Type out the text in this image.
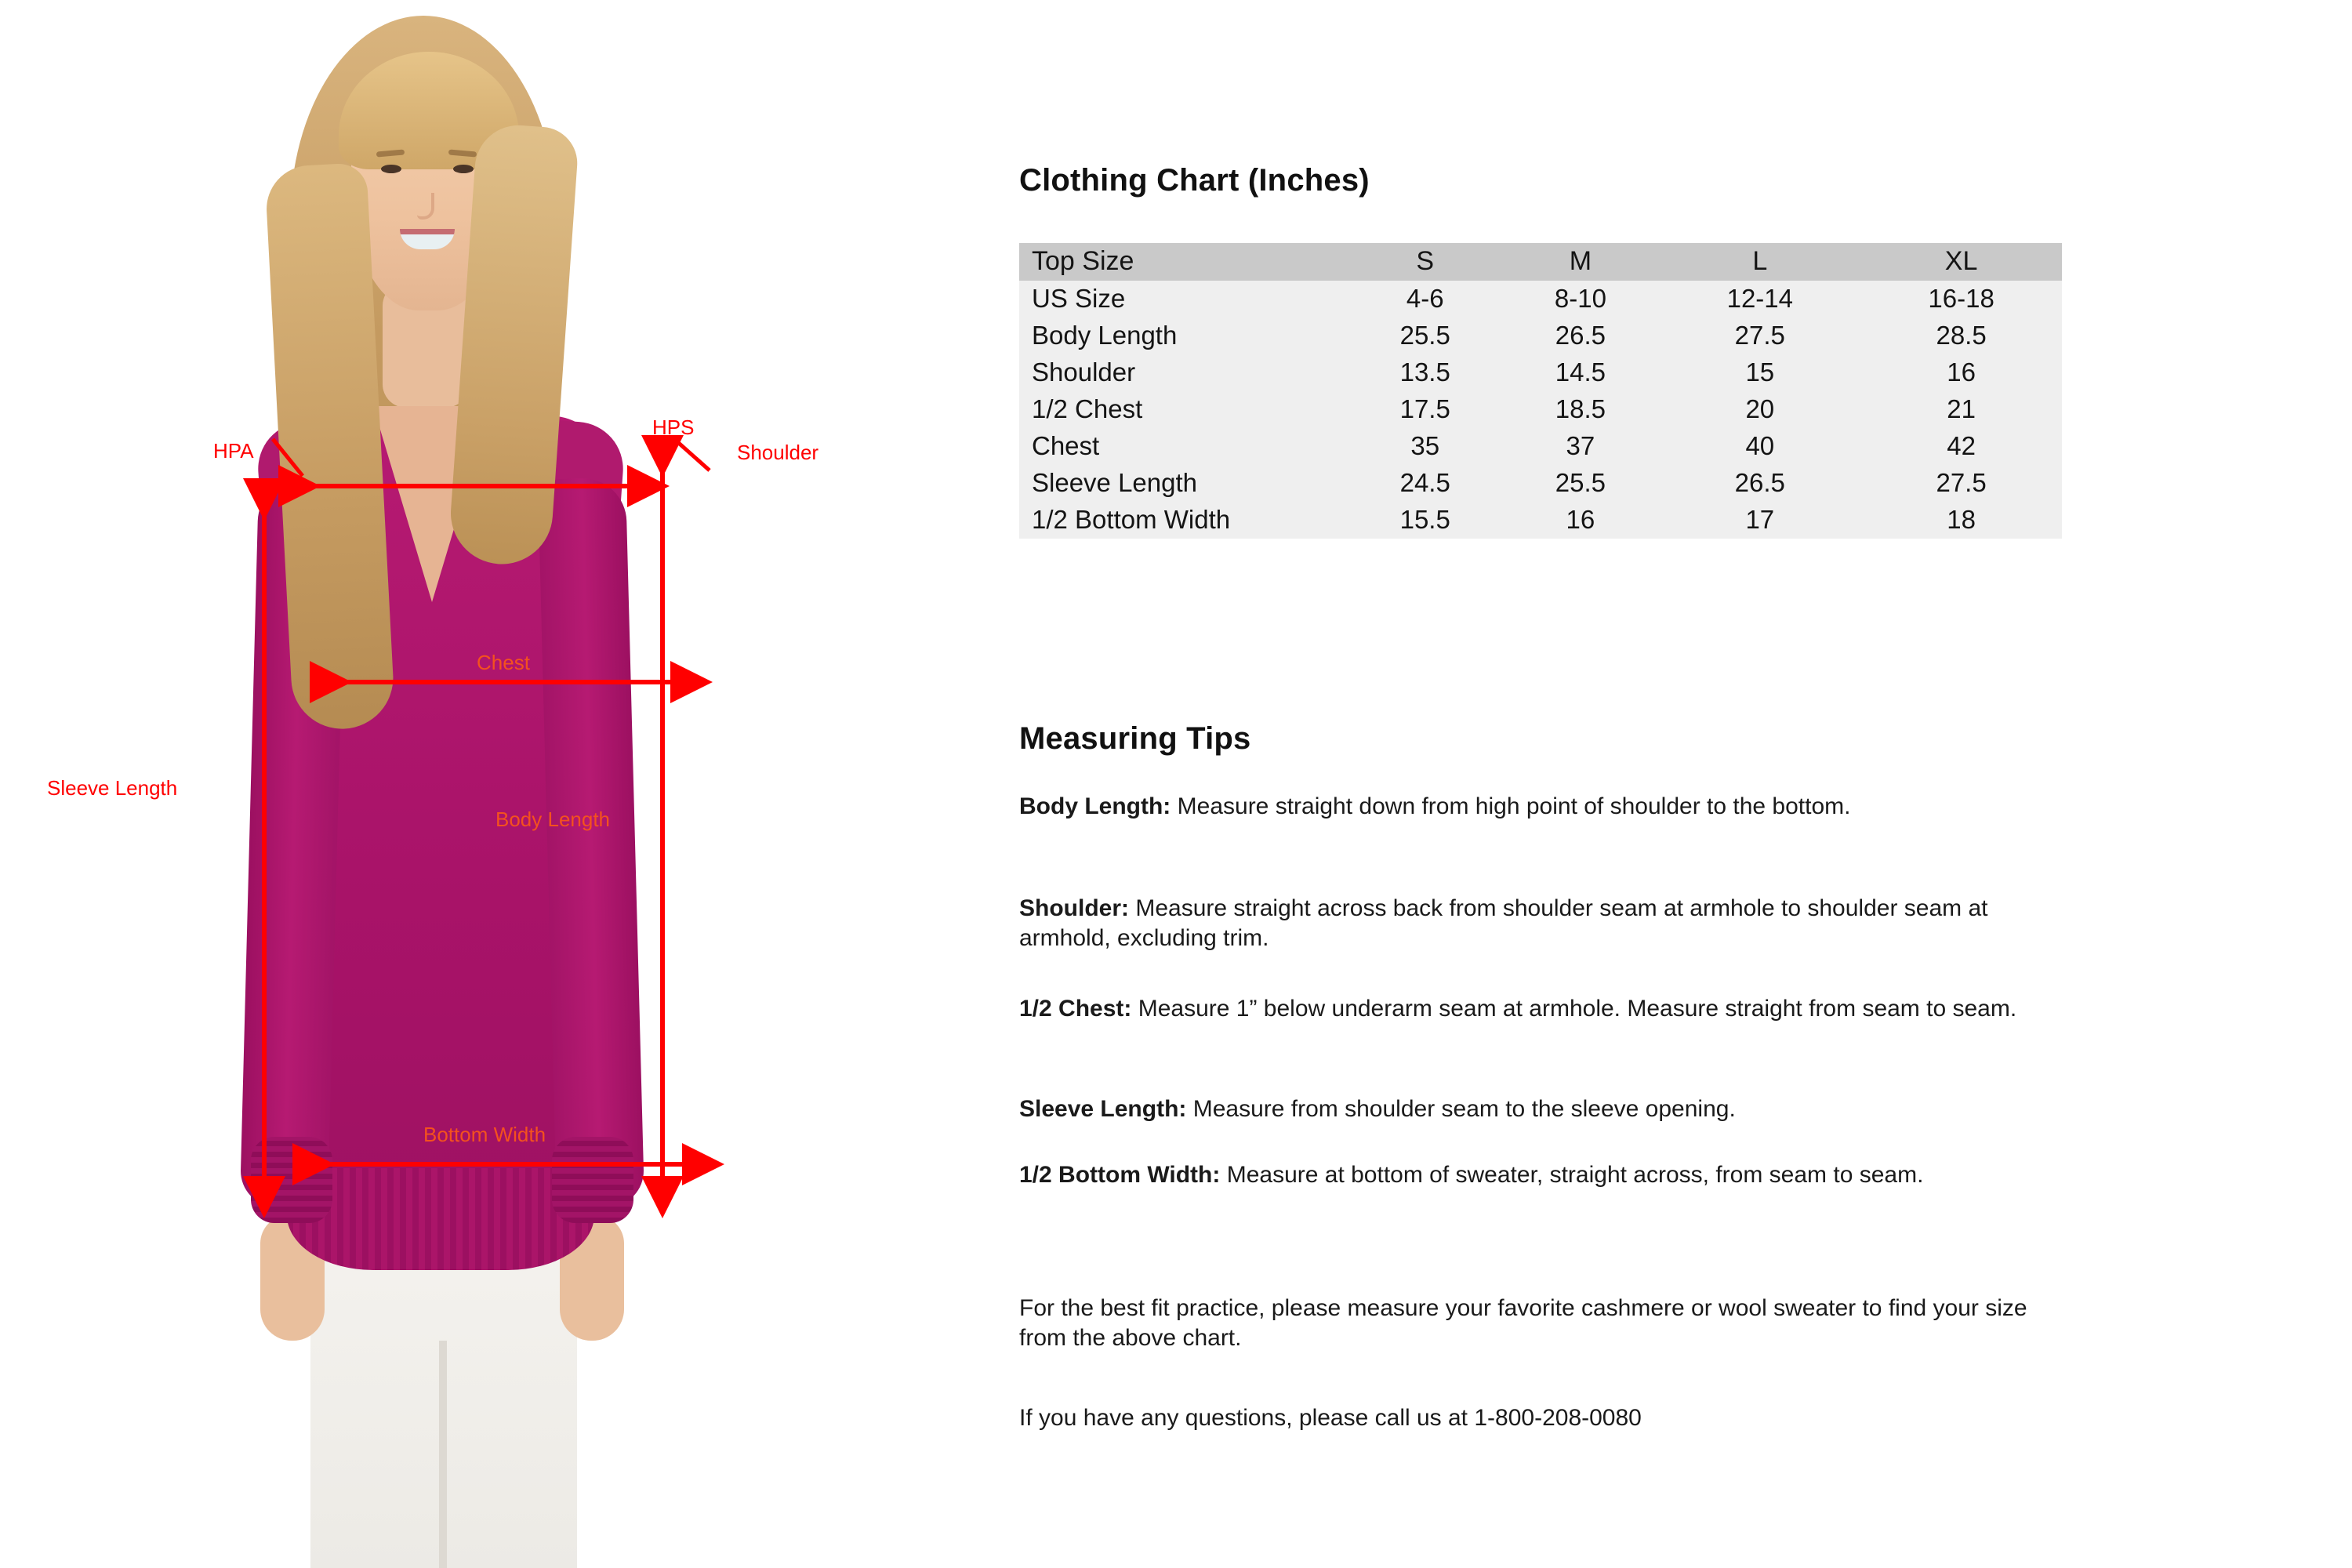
HPA
HPS
Shoulder
Chest
Body Length
Sleeve Length
Bottom Width
Clothing Chart (Inches)
Top Size	S	M	L	XL
US Size	4-6	8-10	12-14	16-18
Body Length	25.5	26.5	27.5	28.5
Shoulder	13.5	14.5	15	16
1/2 Chest	17.5	18.5	20	21
Chest	35	37	40	42
Sleeve Length	24.5	25.5	26.5	27.5
1/2 Bottom Width	15.5	16	17	18
Measuring Tips
Body Length: Measure straight down from high point of shoulder to the bottom.
Shoulder: Measure straight across back from shoulder seam at armhole to shoulder seam at armhold, excluding trim.
1/2 Chest: Measure 1” below underarm seam at armhole. Measure straight from seam to seam.
Sleeve Length: Measure from shoulder seam to the sleeve opening.
1/2 Bottom Width: Measure at bottom of sweater, straight across, from seam to seam.
For the best fit practice, please measure your favorite cashmere or wool sweater to find your size from the above chart.
If you have any questions, please call us at 1-800-208-0080
